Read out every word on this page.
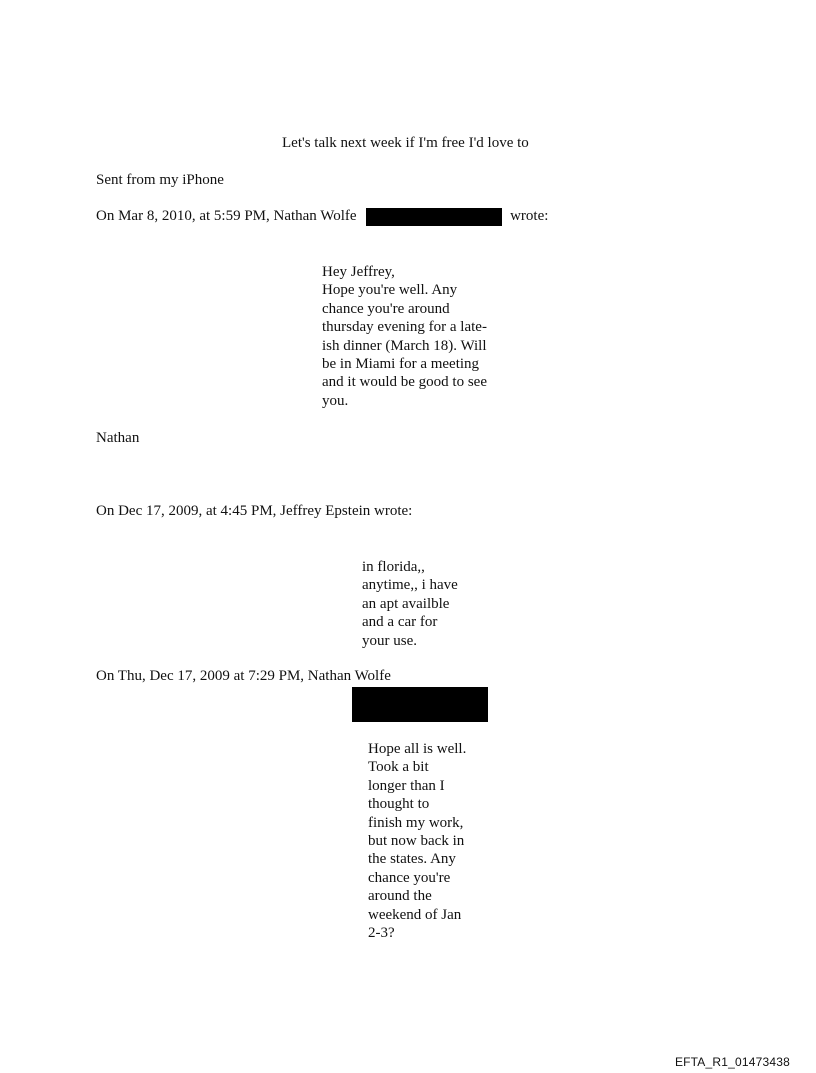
Let's talk next week if I'm free I'd love to
Sent from my iPhone
On Mar 8, 2010, at 5:59 PM, Nathan Wolfe	wrote:
Hey Jeffrey,
Hope you're well. Any
chance you're around
thursday evening for a late-
ish dinner (March 18). Will
be in Miami for a meeting
and it would be good to see
you.
Nathan
On Dec 17, 2009, at 4:45 PM, Jeffrey Epstein wrote:
in florida,,
anytime,, i have
an apt availble
and a car for
your use.
On Thu, Dec 17, 2009 at 7:29 PM, Nathan Wolfe
Hope all is well.
Took a bit
longer than I
thought to
finish my work,
but now back in
the states. Any
chance you're
around the
weekend of Jan
2-3?
EFTA_R1_01473438
